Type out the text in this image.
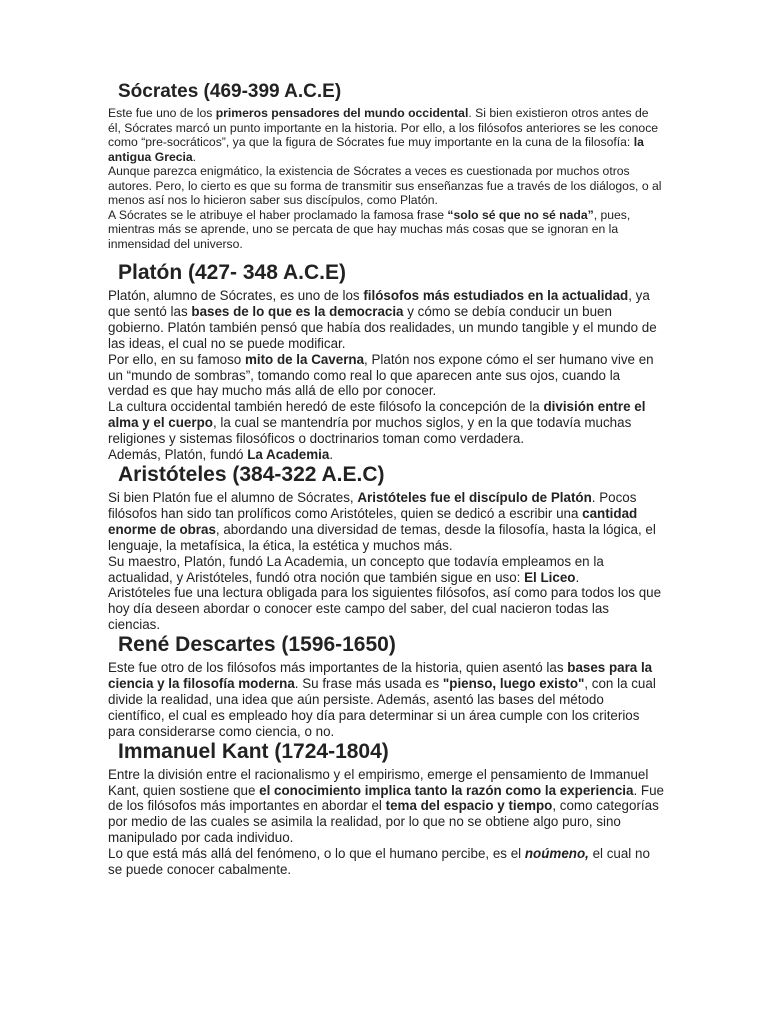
Sócrates (469-399 A.C.E)

Este fue uno de los primeros pensadores del mundo occidental. Si bien existieron otros antes de él, Sócrates marcó un punto importante en la historia. Por ello, a los filósofos anteriores se les conoce como “pre-socráticos”, ya que la figura de Sócrates fue muy importante en la cuna de la filosofía: la antigua Grecia.

Aunque parezca enigmático, la existencia de Sócrates a veces es cuestionada por muchos otros autores. Pero, lo cierto es que su forma de transmitir sus enseñanzas fue a través de los diálogos, o al menos así nos lo hicieron saber sus discípulos, como Platón.

A Sócrates se le atribuye el haber proclamado la famosa frase “solo sé que no sé nada”, pues, mientras más se aprende, uno se percata de que hay muchas más cosas que se ignoran en la inmensidad del universo.

Platón (427- 348 A.C.E)

Platón, alumno de Sócrates, es uno de los filósofos más estudiados en la actualidad, ya que sentó las bases de lo que es la democracia y cómo se debía conducir un buen gobierno. Platón también pensó que había dos realidades, un mundo tangible y el mundo de las ideas, el cual no se puede modificar.

Por ello, en su famoso mito de la Caverna, Platón nos expone cómo el ser humano vive en un “mundo de sombras”, tomando como real lo que aparecen ante sus ojos, cuando la verdad es que hay mucho más allá de ello por conocer.

La cultura occidental también heredó de este filósofo la concepción de la división entre el alma y el cuerpo, la cual se mantendría por muchos siglos, y en la que todavía muchas religiones y sistemas filosóficos o doctrinarios toman como verdadera.

Además, Platón, fundó La Academia.

Aristóteles (384-322 A.E.C)

Si bien Platón fue el alumno de Sócrates, Aristóteles fue el discípulo de Platón. Pocos filósofos han sido tan prolíficos como Aristóteles, quien se dedicó a escribir una cantidad enorme de obras, abordando una diversidad de temas, desde la filosofía, hasta la lógica, el lenguaje, la metafísica, la ética, la estética y muchos más.

Su maestro, Platón, fundó La Academia, un concepto que todavía empleamos en la actualidad, y Aristóteles, fundó otra noción que también sigue en uso: El Liceo.

Aristóteles fue una lectura obligada para los siguientes filósofos, así como para todos los que hoy día deseen abordar o conocer este campo del saber, del cual nacieron todas las ciencias.

René Descartes (1596-1650)

Este fue otro de los filósofos más importantes de la historia, quien asentó las bases para la ciencia y la filosofía moderna. Su frase más usada es "pienso, luego existo", con la cual divide la realidad, una idea que aún persiste. Además, asentó las bases del método científico, el cual es empleado hoy día para determinar si un área cumple con los criterios para considerarse como ciencia, o no.

Immanuel Kant (1724-1804)

Entre la división entre el racionalismo y el empirismo, emerge el pensamiento de Immanuel Kant, quien sostiene que el conocimiento implica tanto la razón como la experiencia. Fue de los filósofos más importantes en abordar el tema del espacio y tiempo, como categorías por medio de las cuales se asimila la realidad, por lo que no se obtiene algo puro, sino manipulado por cada individuo.

Lo que está más allá del fenómeno, o lo que el humano percibe, es el noúmeno, el cual no se puede conocer cabalmente.
